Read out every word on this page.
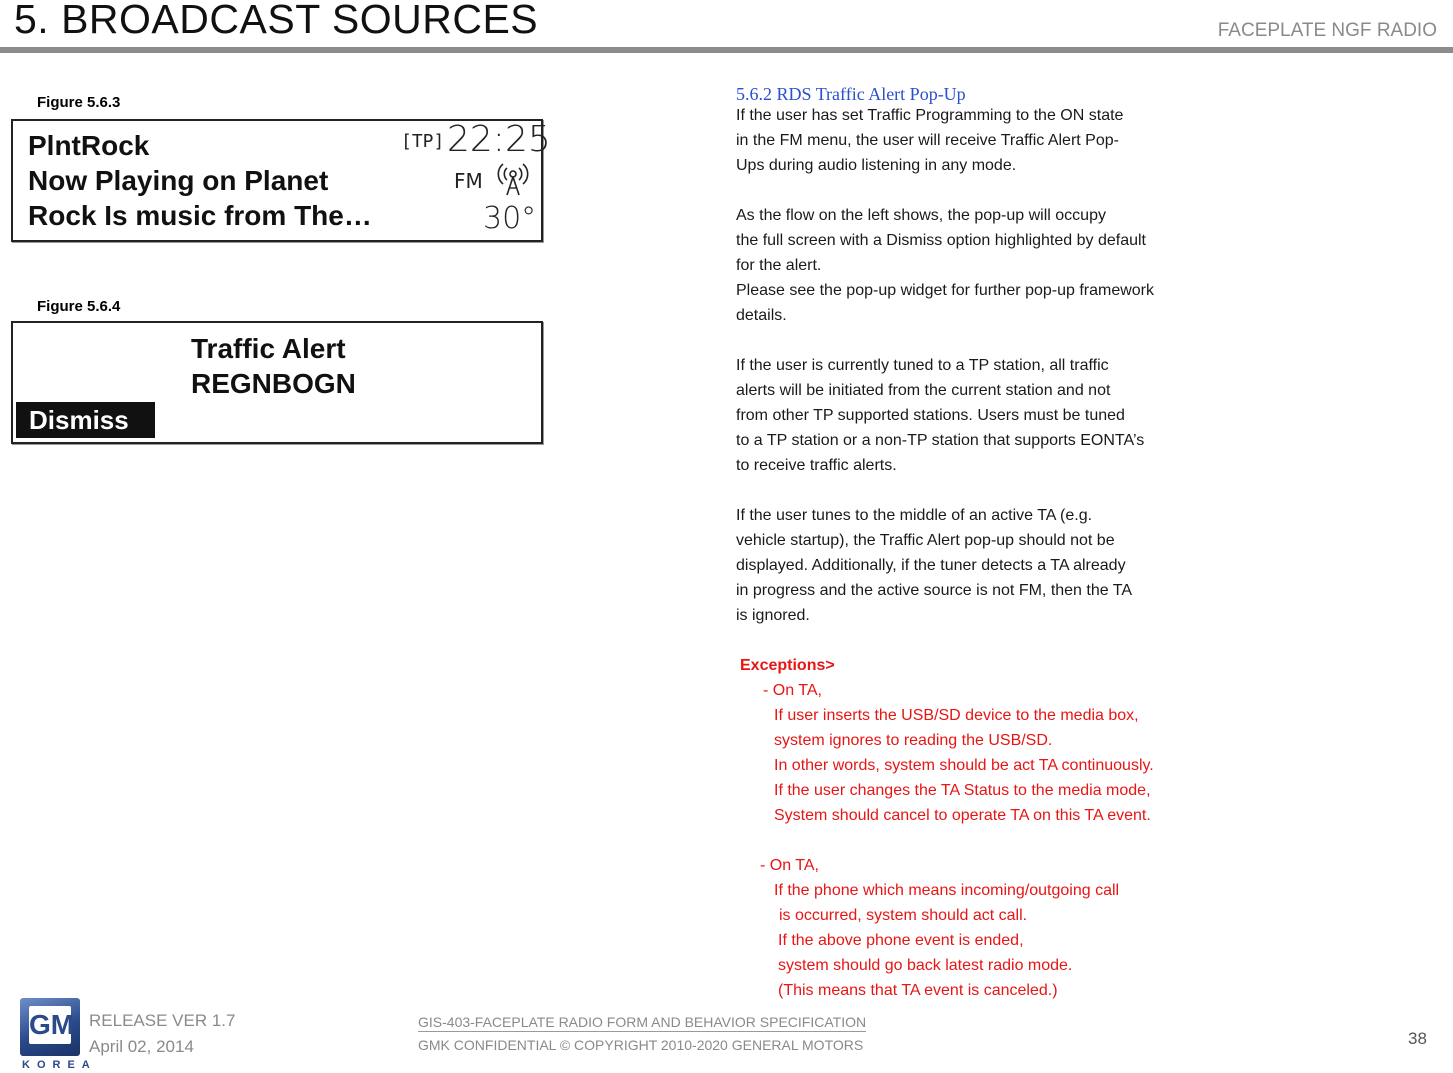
5. BROADCAST SOURCES	FACEPLATE NGF RADIO
Figure 5.6.3
PlntRock
Now Playing on Planet
Rock Is music from The…
[TP] 22:25
FM
30°
Figure 5.6.4
Traffic Alert
REGNBOGN
Dismiss
5.6.2 RDS Traffic Alert Pop-Up
If the user has set Traffic Programming to the ON state
in the FM menu, the user will receive Traffic Alert Pop-
Ups during audio listening in any mode.
As the flow on the left shows, the pop-up will occupy
the full screen with a Dismiss option highlighted by default
for the alert.
Please see the pop-up widget for further pop-up framework
details.
If the user is currently tuned to a TP station, all traffic
alerts will be initiated from the current station and not
from other TP supported stations. Users must be tuned
to a TP station or a non-TP station that supports EONTA’s
to receive traffic alerts.
If the user tunes to the middle of an active TA (e.g.
vehicle startup), the Traffic Alert pop-up should not be
displayed. Additionally, if the tuner detects a TA already
in progress and the active source is not FM, then the TA
is ignored.
Exceptions>
- On TA,
If user inserts the USB/SD device to the media box,
system ignores to reading the USB/SD.
In other words, system should be act TA continuously.
If the user changes the TA Status to the media mode,
System should cancel to operate TA on this TA event.
- On TA,
If the phone which means incoming/outgoing call
is occurred, system should act call.
If the above phone event is ended,
system should go back latest radio mode.
(This means that TA event is canceled.)
GM
KOREA
RELEASE VER 1.7
April 02, 2014
GIS-403-FACEPLATE RADIO FORM AND BEHAVIOR SPECIFICATION
GMK CONFIDENTIAL © COPYRIGHT 2010-2020 GENERAL MOTORS	38
